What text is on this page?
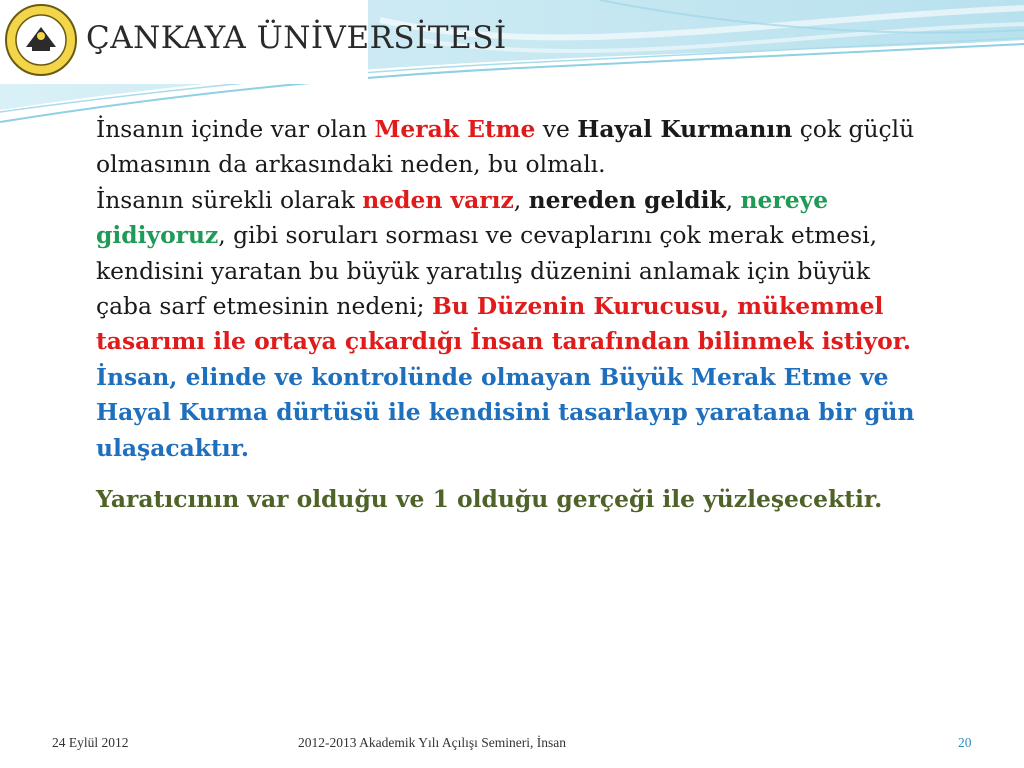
ÇANKAYA ÜNİVERSİTESİ

İnsanın içinde var olan Merak Etme ve Hayal Kurmanın çok güçlü olmasının da arkasındaki neden, bu olmalı.

İnsanın sürekli olarak neden varız, nereden geldik, nereye gidiyoruz, gibi soruları sorması ve cevaplarını çok merak etmesi, kendisini yaratan bu büyük yaratılış düzenini anlamak için büyük çaba sarf etmesinin nedeni; Bu Düzenin Kurucusu, mükemmel tasarımı ile ortaya çıkardığı İnsan tarafından bilinmek istiyor. İnsan, elinde ve kontrolünde olmayan Büyük Merak Etme ve Hayal Kurma dürtüsü ile kendisini tasarlayıp yaratana bir gün ulaşacaktır.

Yaratıcının var olduğu ve 1 olduğu gerçeği ile yüzleşecektir.

24 Eylül 2012	2012-2013 Akademik Yılı Açılışı Semineri, İnsan	20
